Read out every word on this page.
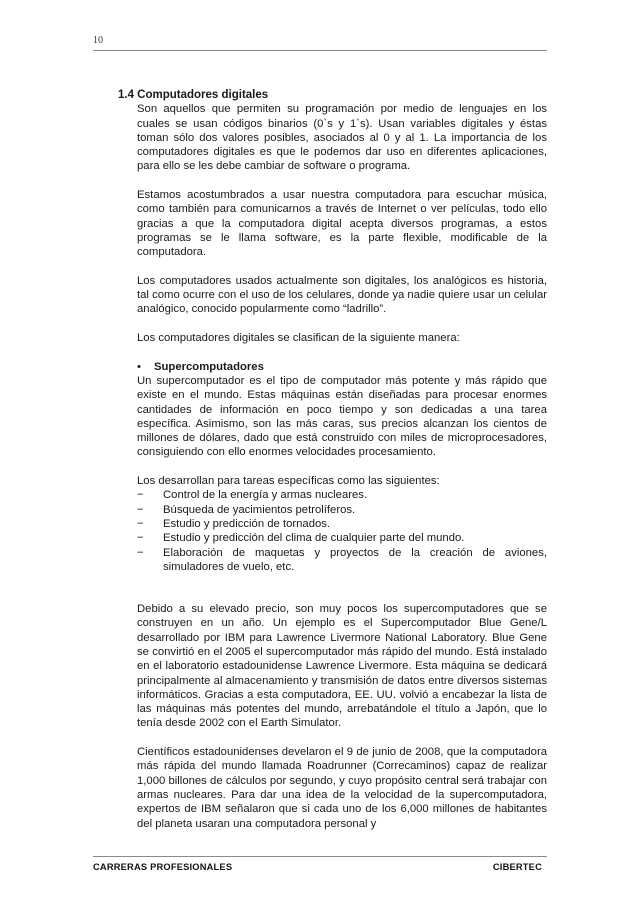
10
1.4 Computadores digitales

Son aquellos que permiten su programación por medio de lenguajes en los cuales se usan códigos binarios (0`s y 1`s). Usan variables digitales y éstas toman sólo dos valores posibles, asociados al 0 y al 1. La importancia de los computadores digitales es que le podemos dar uso en diferentes aplicaciones, para ello se les debe cambiar de software o programa.

Estamos acostumbrados a usar nuestra computadora para escuchar música, como también para comunicarnos a través de Internet o ver películas, todo ello gracias a que la computadora digital acepta diversos programas, a estos programas se le llama software, es la parte flexible, modificable de la computadora.

Los computadores usados actualmente son digitales, los analógicos es historia, tal como ocurre con el uso de los celulares, donde ya nadie quiere usar un celular analógico, conocido popularmente como “ladrillo”.

Los computadores digitales se clasifican de la siguiente manera:

• Supercomputadores

Un supercomputador es el tipo de computador más potente y más rápido que existe en el mundo. Estas máquinas están diseñadas para procesar enormes cantidades de información en poco tiempo y son dedicadas a una tarea específica. Asimismo, son las más caras, sus precios alcanzan los cientos de millones de dólares, dado que está construido con miles de microprocesadores, consiguiendo con ello enormes velocidades procesamiento.

Los desarrollan para tareas específicas como las siguientes:
−	Control de la energía y armas nucleares.
−	Búsqueda de yacimientos petrolíferos.
−	Estudio y predicción de tornados.
−	Estudio y predicción del clima de cualquier parte del mundo.
−	Elaboración de maquetas y proyectos de la creación de aviones, simuladores de vuelo, etc.

Debido a su elevado precio, son muy pocos los supercomputadores que se construyen en un año. Un ejemplo es el Supercomputador Blue Gene/L desarrollado por IBM para Lawrence Livermore National Laboratory. Blue Gene se convirtió en el 2005 el supercomputador más rápido del mundo. Está instalado en el laboratorio estadounidense Lawrence Livermore. Esta máquina se dedicará principalmente al almacenamiento y transmisión de datos entre diversos sistemas informáticos. Gracias a esta computadora, EE. UU. volvió a encabezar la lista de las máquinas más potentes del mundo, arrebatándole el título a Japón, que lo tenía desde 2002 con el Earth Simulator.

Científicos estadounidenses develaron el 9 de junio de 2008, que la computadora más rápida del mundo llamada Roadrunner (Correcaminos) capaz de realizar 1,000 billones de cálculos por segundo, y cuyo propósito central será trabajar con armas nucleares. Para dar una idea de la velocidad de la supercomputadora, expertos de IBM señalaron que si cada uno de los 6,000 millones de habitantes del planeta usaran una computadora personal y

CARRERAS PROFESIONALES	CIBERTEC
